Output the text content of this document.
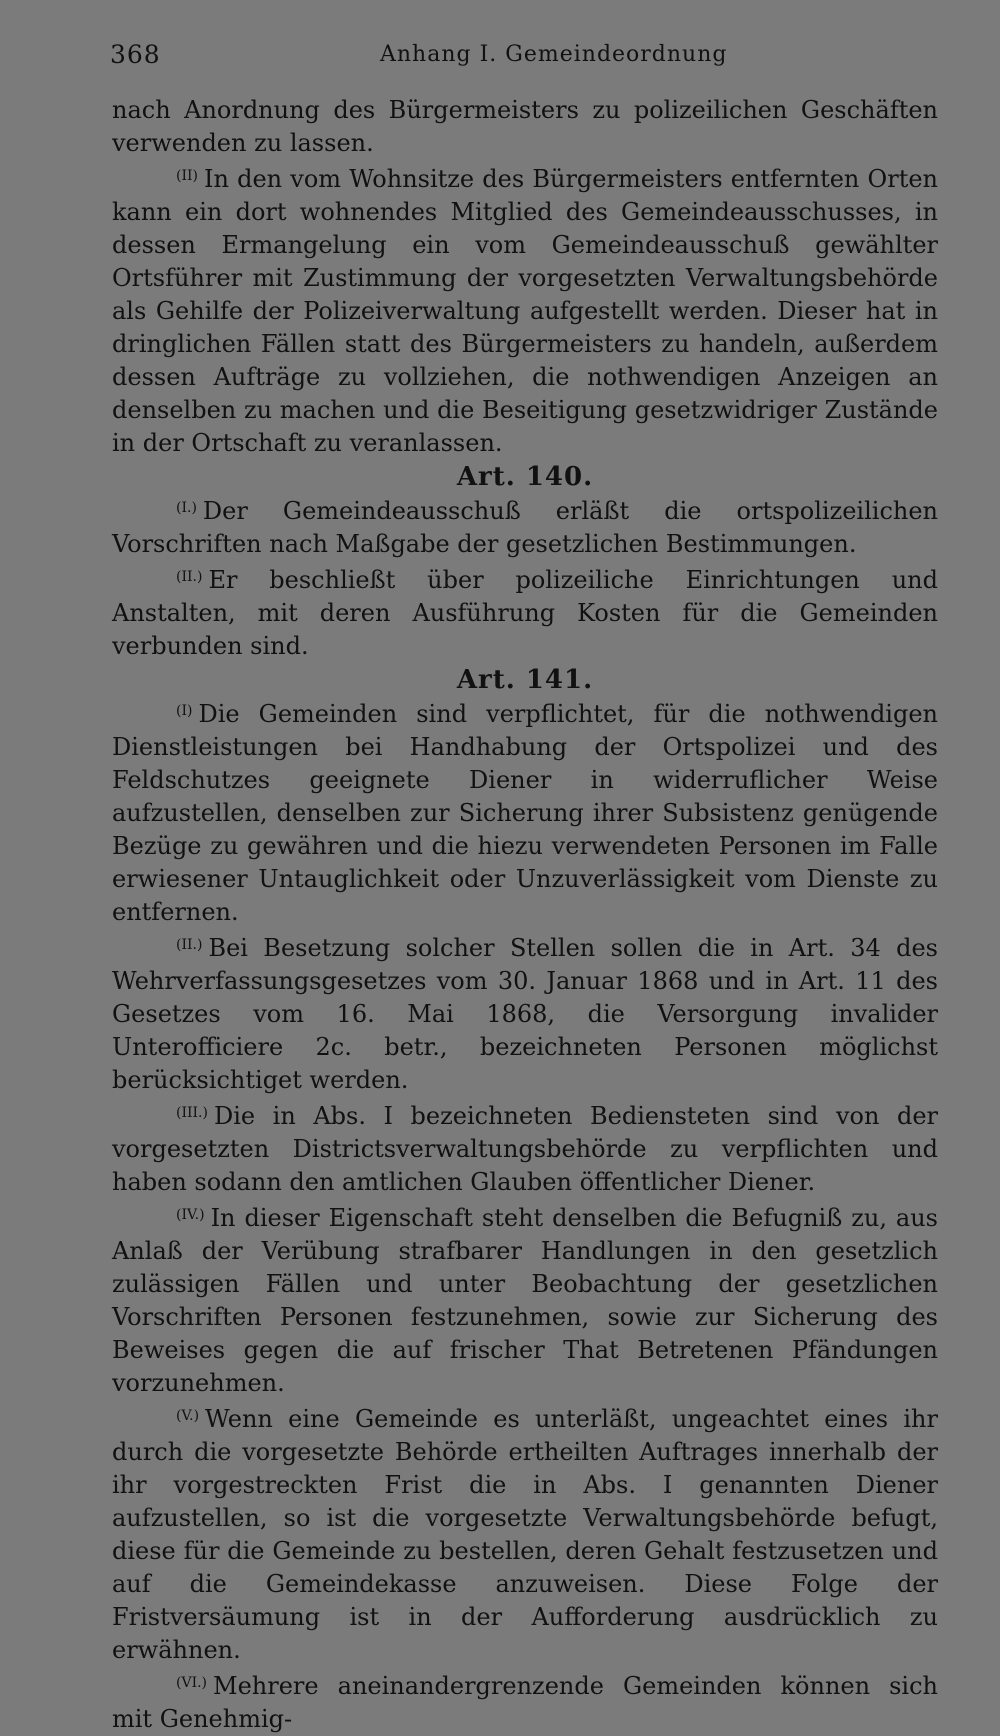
368	Anhang I. Gemeindeordnung

nach Anordnung des Bürgermeisters zu polizeilichen Geschäften verwenden zu lassen.

$^{(II)}$ In den vom Wohnsitze des Bürgermeisters entfernten Orten kann ein dort wohnendes Mitglied des Gemeindeausschusses, in dessen Ermangelung ein vom Gemeindeausschuß gewählter Ortsführer mit Zustimmung der vorgesetzten Verwaltungsbehörde als Gehilfe der Polizeiverwaltung aufgestellt werden. Dieser hat in dringlichen Fällen statt des Bürgermeisters zu handeln, außerdem dessen Aufträge zu vollziehen, die nothwendigen Anzeigen an denselben zu machen und die Beseitigung gesetzwidriger Zustände in der Ortschaft zu veranlassen.

Art. 140.

$^{(I.)}$ Der Gemeindeausschuß erläßt die ortspolizeilichen Vorschriften nach Maßgabe der gesetzlichen Bestimmungen.

$^{(II.)}$ Er beschließt über polizeiliche Einrichtungen und Anstalten, mit deren Ausführung Kosten für die Gemeinden verbunden sind.

Art. 141.

$^{(I)}$ Die Gemeinden sind verpflichtet, für die nothwendigen Dienstleistungen bei Handhabung der Ortspolizei und des Feldschutzes geeignete Diener in widerruflicher Weise aufzustellen, denselben zur Sicherung ihrer Subsistenz genügende Bezüge zu gewähren und die hiezu verwendeten Personen im Falle erwiesener Untauglichkeit oder Unzuverlässigkeit vom Dienste zu entfernen.

$^{(II.)}$ Bei Besetzung solcher Stellen sollen die in Art. 34 des Wehrverfassungsgesetzes vom 30. Januar 1868 und in Art. 11 des Gesetzes vom 16. Mai 1868, die Versorgung invalider Unterofficiere 2c. betr., bezeichneten Personen möglichst berücksichtiget werden.

$^{(III.)}$ Die in Abs. I bezeichneten Bediensteten sind von der vorgesetzten Districtsverwaltungsbehörde zu verpflichten und haben sodann den amtlichen Glauben öffentlicher Diener.

$^{(IV.)}$ In dieser Eigenschaft steht denselben die Befugniß zu, aus Anlaß der Verübung strafbarer Handlungen in den gesetzlich zulässigen Fällen und unter Beobachtung der gesetzlichen Vorschriften Personen festzunehmen, sowie zur Sicherung des Beweises gegen die auf frischer That Betretenen Pfändungen vorzunehmen.

$^{(V.)}$ Wenn eine Gemeinde es unterläßt, ungeachtet eines ihr durch die vorgesetzte Behörde ertheilten Auftrages innerhalb der ihr vorgestreckten Frist die in Abs. I genannten Diener aufzustellen, so ist die vorgesetzte Verwaltungsbehörde befugt, diese für die Gemeinde zu bestellen, deren Gehalt festzusetzen und auf die Gemeindekasse anzuweisen. Diese Folge der Fristversäumung ist in der Aufforderung ausdrücklich zu erwähnen.

$^{(VI.)}$ Mehrere aneinandergrenzende Gemeinden können sich mit Genehmig-
